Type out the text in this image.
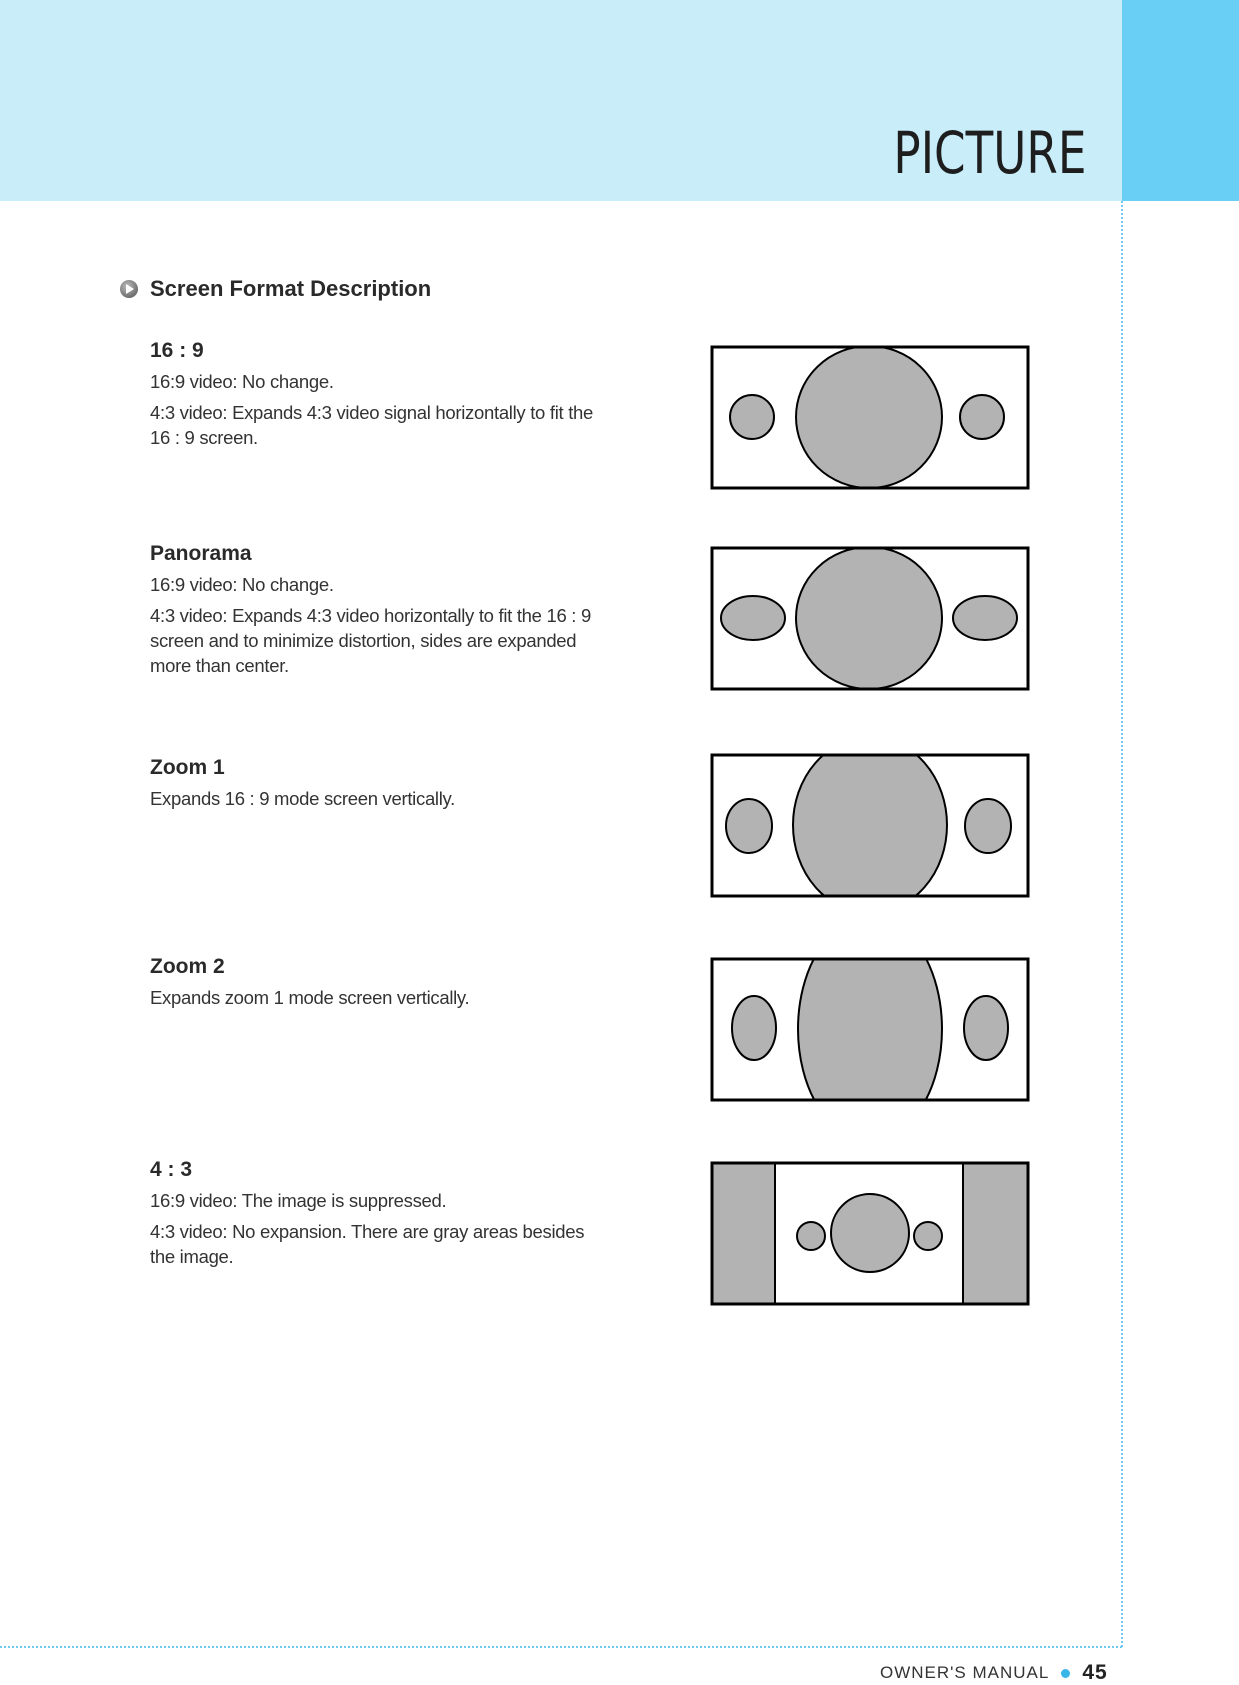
PICTURE
Screen Format Description
16 : 9
16:9 video: No change.
4:3 video: Expands 4:3 video signal horizontally to fit the 16 : 9 screen.
Panorama
16:9 video: No change.
4:3 video: Expands 4:3 video horizontally to fit the 16 : 9 screen and to minimize distortion, sides are expanded more than center.
Zoom 1
Expands 16 : 9 mode screen vertically.
Zoom 2
Expands zoom 1 mode screen vertically.
4 : 3
16:9 video: The image is suppressed.
4:3 video: No expansion. There are gray areas besides the image.
OWNER'S MANUAL 45
